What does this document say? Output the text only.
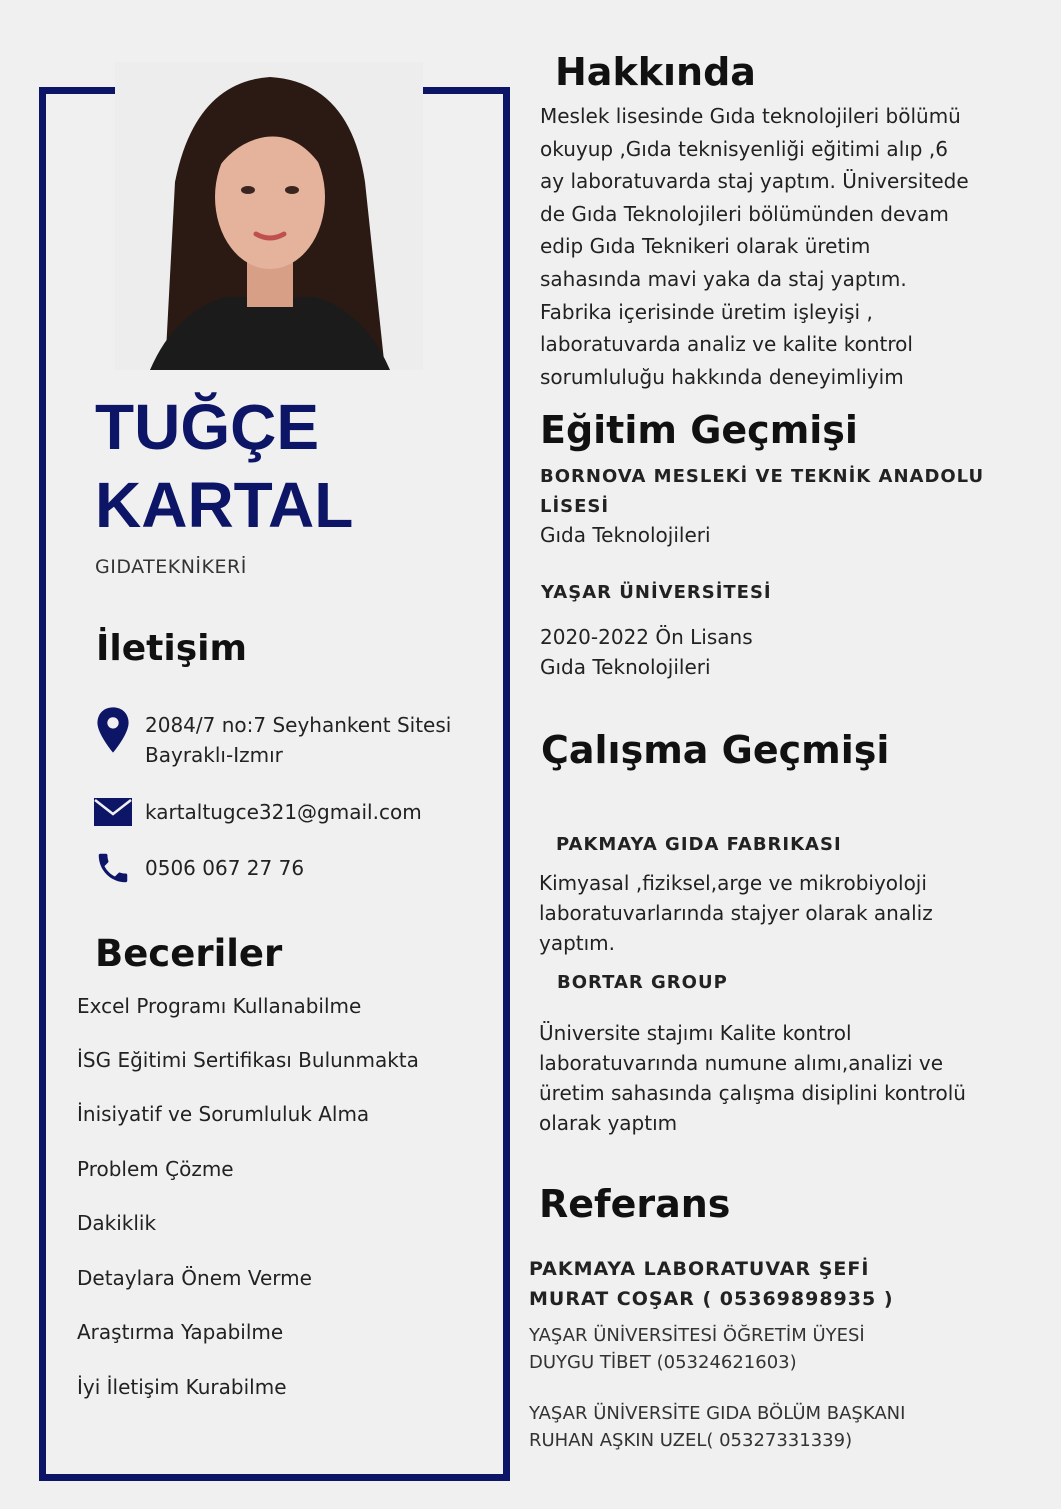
TUĞÇE
KARTAL
GIDATEKNİKERİ
İletişim
2084/7 no:7 Seyhankent Sitesi
Bayraklı-Izmır
kartaltugce321@gmail.com
0506 067 27 76
Beceriler
Excel Programı Kullanabilme
İSG Eğitimi Sertifikası Bulunmakta
İnisiyatif ve Sorumluluk Alma
Problem Çözme
Dakiklik
Detaylara Önem Verme
Araştırma Yapabilme
İyi İletişim Kurabilme
Hakkında
Meslek lisesinde Gıda teknolojileri bölümü
okuyup ,Gıda teknisyenliği eğitimi alıp ,6
ay laboratuvarda staj yaptım. Üniversitede
de Gıda Teknolojileri bölümünden devam
edip Gıda Teknikeri olarak üretim
sahasında mavi yaka da staj yaptım.
Fabrika içerisinde üretim işleyişi ,
laboratuvarda analiz ve kalite kontrol
sorumluluğu hakkında deneyimliyim
Eğitim Geçmişi
BORNOVA MESLEKİ VE TEKNİK ANADOLU
LİSESİ
Gıda Teknolojileri
YAŞAR ÜNİVERSİTESİ
2020-2022 Ön Lisans
Gıda Teknolojileri
Çalışma Geçmişi
PAKMAYA GIDA FABRIKASI
Kimyasal ,fiziksel,arge ve mikrobiyoloji
laboratuvarlarında stajyer olarak analiz
yaptım.
BORTAR GROUP
Üniversite stajımı Kalite kontrol
laboratuvarında numune alımı,analizi ve
üretim sahasında çalışma disiplini kontrolü
olarak yaptım
Referans
PAKMAYA LABORATUVAR ŞEFİ
MURAT COŞAR ( 05369898935 )
YAŞAR ÜNİVERSİTESİ ÖĞRETİM ÜYESİ
DUYGU TİBET (05324621603)
YAŞAR ÜNİVERSİTE GIDA BÖLÜM BAŞKANI
RUHAN AŞKIN UZEL( 05327331339)
